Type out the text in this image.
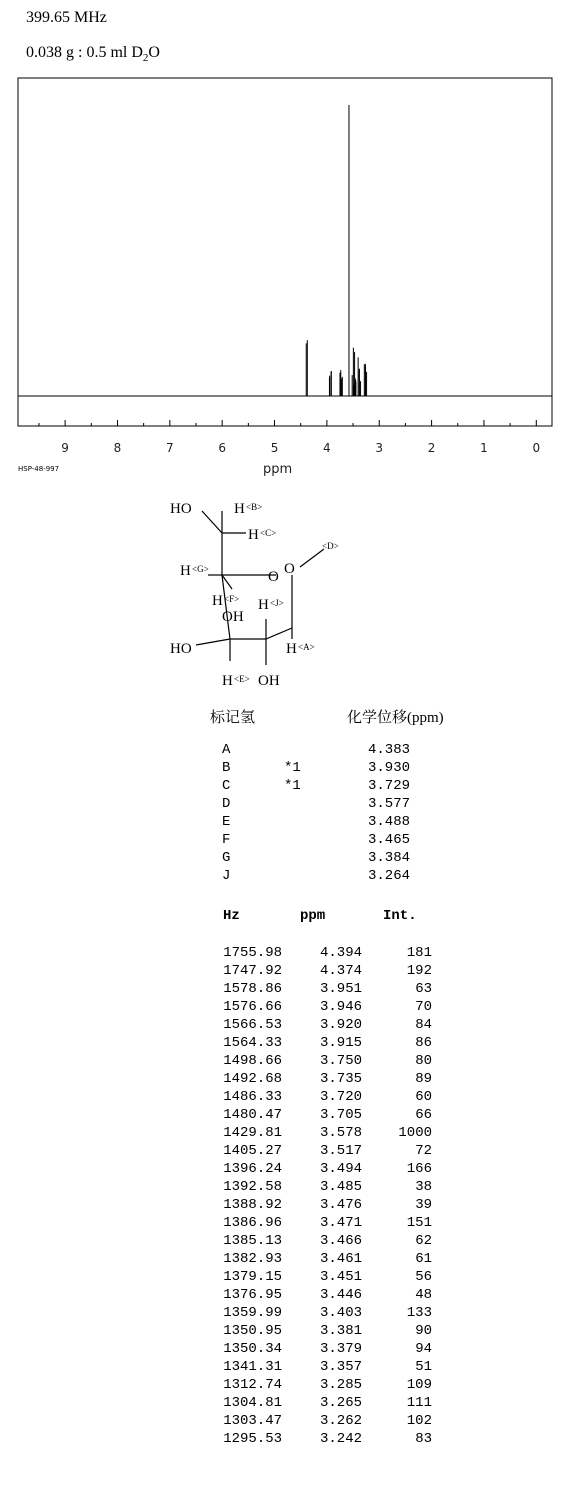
399.65 MHz
0.038 g : 0.5 ml $D_2O$
9	8	7	6	5	4	3	2	1	0
HSP-48-997	ppm
HO	H <B>
H <C>
H <G>	O O
<D>
H <F> H <J>
OH
HO	H <A>
H <E> OH
标记氢	化学位移(ppm)
A	4.383
B	*1	3.930
C	*1	3.729
D	3.577
E	3.488
F	3.465
G	3.384
J	3.264
Hz	ppm	Int.
1755.98	4.394	181
1747.92	4.374	192
1578.86	3.951	63
1576.66	3.946	70
1566.53	3.920	84
1564.33	3.915	86
1498.66	3.750	80
1492.68	3.735	89
1486.33	3.720	60
1480.47	3.705	66
1429.81	3.578	1000
1405.27	3.517	72
1396.24	3.494	166
1392.58	3.485	38
1388.92	3.476	39
1386.96	3.471	151
1385.13	3.466	62
1382.93	3.461	61
1379.15	3.451	56
1376.95	3.446	48
1359.99	3.403	133
1350.95	3.381	90
1350.34	3.379	94
1341.31	3.357	51
1312.74	3.285	109
1304.81	3.265	111
1303.47	3.262	102
1295.53	3.242	83
